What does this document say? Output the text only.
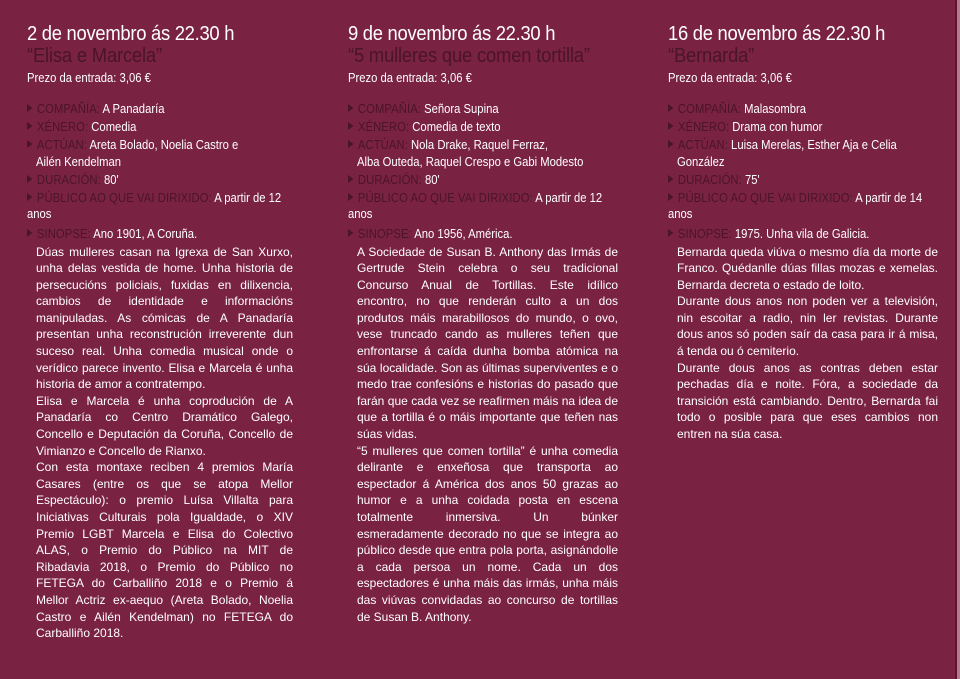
2 de novembro ás 22.30 h
“Elisa e Marcela”
Prezo da entrada: 3,06 €
COMPAÑÍA: A Panadaría
XÉNERO: Comedia
ACTÚAN: Areta Bolado, Noelia Castro e
Ailén Kendelman
DURACIÓN: 80'
PÚBLICO AO QUE VAI DIRIXIDO: A partir de 12 anos
SINOPSE: Ano 1901, A Coruña.

Dúas mulleres casan na Igrexa de San Xurxo, unha delas vestida de home. Unha historia de persecucións policiais, fuxidas en dilixencia, cambios de identidade e informacións manipuladas. As cómicas de A Panadaría presentan unha reconstrución irreverente dun suceso real. Unha comedia musical onde o verídico parece invento. Elisa e Marcela é unha historia de amor a contratempo.

Elisa e Marcela é unha coprodución de A Panadaría co Centro Dramático Galego, Concello e Deputación da Coruña, Concello de Vimianzo e Concello de Rianxo.

Con esta montaxe reciben 4 premios María Casares (entre os que se atopa Mellor Espectáculo): o premio Luísa Villalta para Iniciativas Culturais pola Igualdade, o XIV Premio LGBT Marcela e Elisa do Colectivo ALAS, o Premio do Público na MIT de Ribadavia 2018, o Premio do Público no FETEGA do Carballiño 2018 e o Premio á Mellor Actriz ex-aequo (Areta Bolado, Noelia Castro e Ailén Kendelman) no FETEGA do Carballiño 2018.

9 de novembro ás 22.30 h
“5 mulleres que comen tortilla”
Prezo da entrada: 3,06 €
COMPAÑÍA: Señora Supina
XÉNERO: Comedia de texto
ACTÚAN: Nola Drake, Raquel Ferraz,
Alba Outeda, Raquel Crespo e Gabi Modesto
DURACIÓN: 80'
PÚBLICO AO QUE VAI DIRIXIDO: A partir de 12 anos
SINOPSE: Ano 1956, América.

A Sociedade de Susan B. Anthony das Irmás de Gertrude Stein celebra o seu tradicional Concurso Anual de Tortillas. Este idílico encontro, no que renderán culto a un dos produtos máis marabillosos do mundo, o ovo, vese truncado cando as mulleres teñen que enfrontarse á caída dunha bomba atómica na súa localidade. Son as últimas superviventes e o medo trae confesións e historias do pasado que farán que cada vez se reafirmen máis na idea de que a tortilla é o máis importante que teñen nas súas vidas.

“5 mulleres que comen tortilla” é unha comedia delirante e enxeñosa que transporta ao espectador á América dos anos 50 grazas ao humor e a unha coidada posta en escena totalmente inmersiva. Un búnker esmeradamente decorado no que se integra ao público desde que entra pola porta, asignándolle a cada persoa un nome. Cada un dos espectadores é unha máis das irmás, unha máis das viúvas convidadas ao concurso de tortillas de Susan B. Anthony.

16 de novembro ás 22.30 h
“Bernarda”
Prezo da entrada: 3,06 €
COMPAÑÍA: Malasombra
XÉNERO: Drama con humor
ACTÚAN: Luisa Merelas, Esther Aja e Celia
González
DURACIÓN: 75'
PÚBLICO AO QUE VAI DIRIXIDO: A partir de 14 anos
SINOPSE: 1975. Unha vila de Galicia.

Bernarda queda viúva o mesmo día da morte de Franco. Quédanlle dúas fillas mozas e xemelas. Bernarda decreta o estado de loito.

Durante dous anos non poden ver a televisión, nin escoitar a radio, nin ler revistas. Durante dous anos só poden saír da casa para ir á misa, á tenda ou ó cemiterio.

Durante dous anos as contras deben estar pechadas día e noite. Fóra, a sociedade da transición está cambiando. Dentro, Bernarda fai todo o posible para que eses cambios non entren na súa casa.
